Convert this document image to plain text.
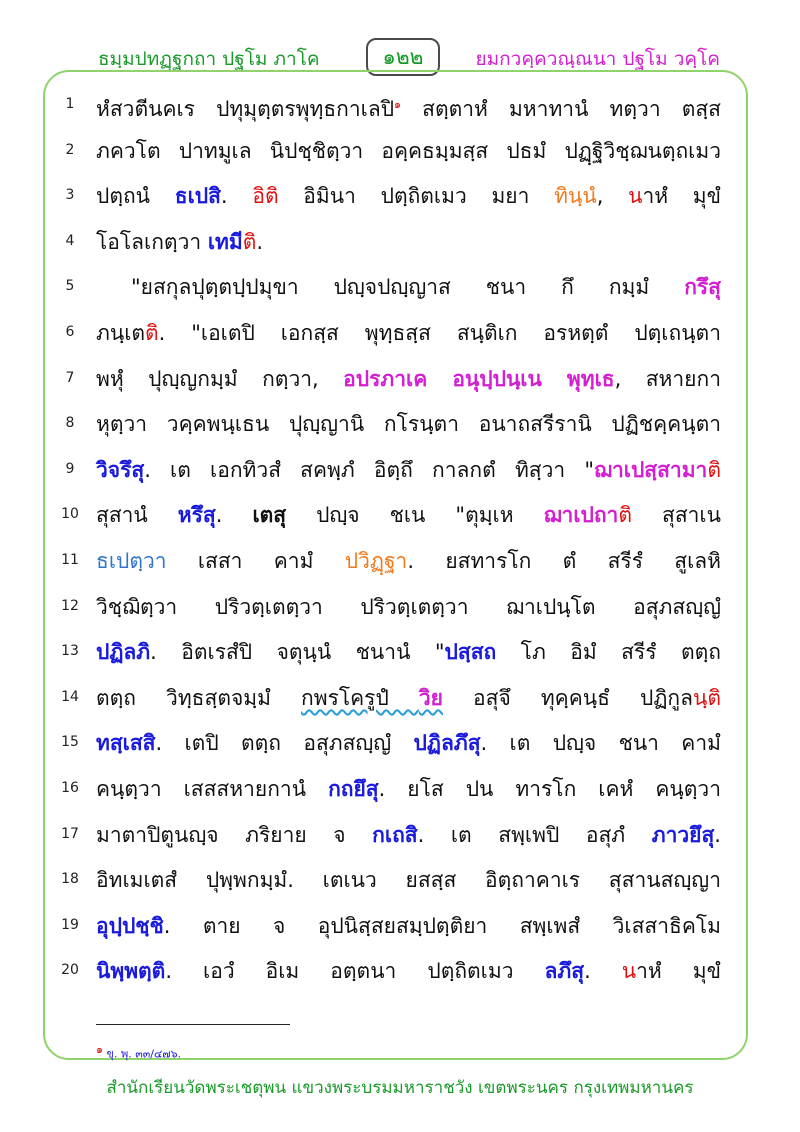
ธมฺมปทฏฺฐกถา ปฐโม ภาโค	๑๒๒	ยมกวคฺควณฺณนา ปฐโม วคฺโค
1	หํสวตีนคเร ปทุมุตฺตรพุทฺธกาเลปิ$^๑$ สตฺตาหํ มหาทานํ ทตฺวา ตสฺส
2	ภควโต ปาทมูเล นิปชฺชิตฺวา อคฺคธมฺมสฺส ปธมํ ปฏฺฐิวิชฺฌนตฺถเมว
3	ปตฺถนํ ธเปสิ. อิติ อิมินา ปตฺถิตเมว มยา ทินฺนํ, นาหํ มุขํ
4	โอโลเกตฺวา เทมีติ.
5	"ยสกุลปุตฺตปฺปมุขา ปญฺจปญฺญาส ชนา กึ กมฺมํ กรึสุ
6	ภนฺเตติ. "เอเตปิ เอกสฺส พุทฺธสฺส สนฺติเก อรหตฺตํ ปตฺเถนฺตา
7	พหุํ ปุญฺญกมฺมํ กตฺวา, อปรภาเค อนุปฺปนฺเน พุทฺเธ, สหายกา
8	หุตฺวา วคฺคพนฺเธน ปุญฺญานิ กโรนฺตา อนาถสรีรานิ ปฏิชคฺคนฺตา
9	วิจรึสุ. เต เอกทิวสํ สคพฺภํ อิตฺถึ กาลกตํ ทิสฺวา "ฌาเปสฺสามาติ
10 สุสานํ หรึสุ. เตสุ ปญฺจ ชเน "ตุมฺเห ฌาเปถาติ สุสาเน
11 ธเปตฺวา เสสา คามํ ปวิฏฺฐา. ยสทารโก ตํ สรีรํ สูเลหิ
12 วิชฺฌิตฺวา ปริวตฺเตตฺวา ปริวตฺเตตฺวา ฌาเปนฺโต อสุภสญฺญํ
13 ปฏิลภิ. อิตเรสํปิ จตุนฺนํ ชนานํ "ปสฺสถ โภ อิมํ สรีรํ ตตฺถ
14 ตตฺถ วิทฺธสฺตจมฺมํ กพรโครูปํ วิย อสุจึ ทุคฺคนฺธํ ปฏิกูลนฺติ
15 ทสฺเสสิ. เตปิ ตตฺถ อสุภสญฺญํ ปฏิลภึสุ. เต ปญฺจ ชนา คามํ
16 คนฺตฺวา เสสสหายกานํ กถยึสุ. ยโส ปน ทารโก เคหํ คนฺตฺวา
17 มาตาปิตูนญฺจ ภริยาย จ กเถสิ. เต สพฺเพปิ อสุภํ ภาวยึสุ.
18 อิทเมเตสํ ปุพฺพกมฺมํ. เตเนว ยสสฺส อิตฺถาคาเร สุสานสญฺญา
19 อุปฺปชฺชิ. ตาย จ อุปนิสฺสยสมฺปตฺติยา สพฺเพสํ วิเสสาธิคโม
20 นิพฺพตฺติ. เอวํ อิเม อตฺตนา ปตฺถิตเมว ลภึสุ. นาหํ มุขํ
$^๑$ ขุ. พุ. ๓๓/๔๗๖.
สำนักเรียนวัดพระเชตุพน แขวงพระบรมมหาราชวัง เขตพระนคร กรุงเทพมหานคร
